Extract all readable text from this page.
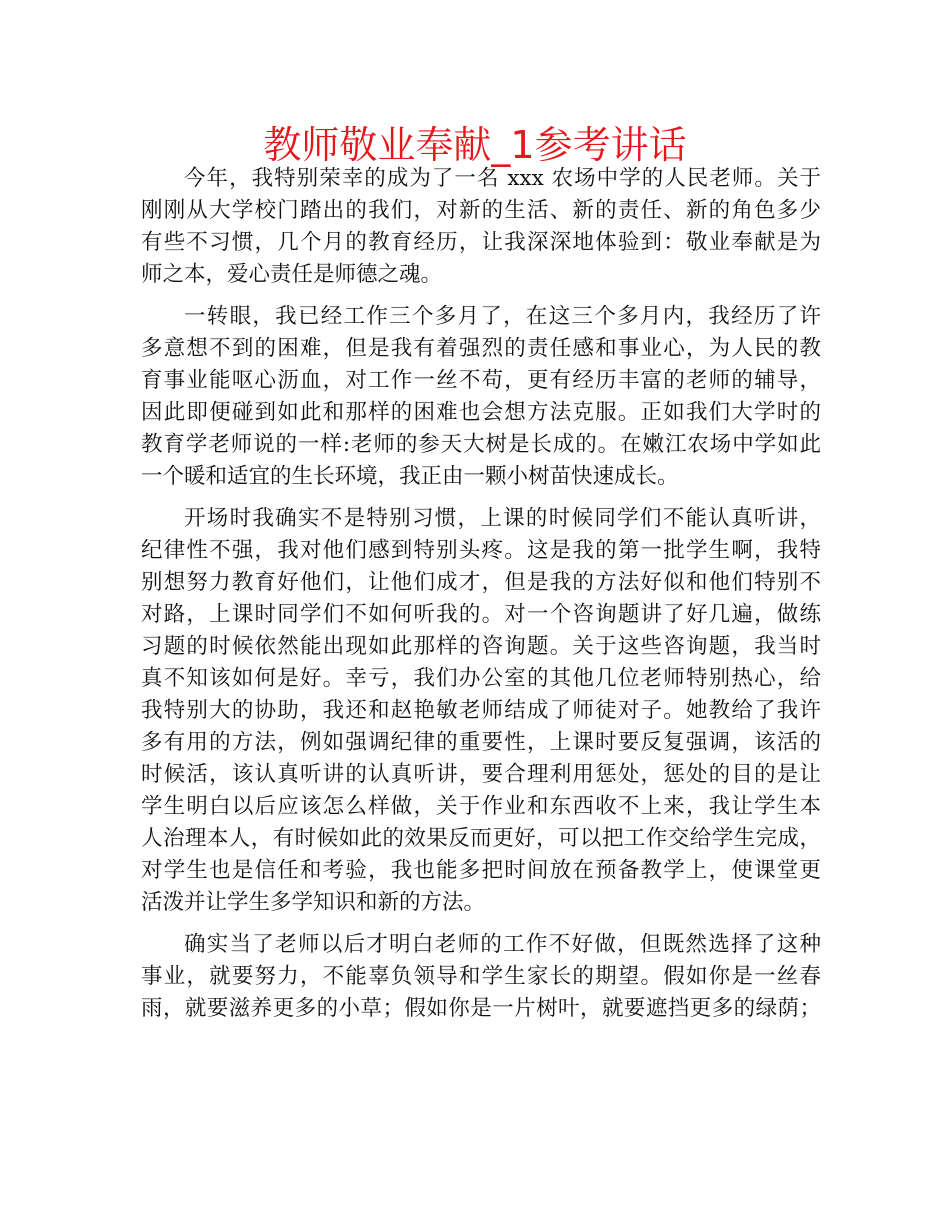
教师敬业奉献_1参考讲话
今年，我特别荣幸的成为了一名 xxx 农场中学的人民老师。关于
刚刚从大学校门踏出的我们，对新的生活、新的责任、新的角色多少
有些不习惯，几个月的教育经历，让我深深地体验到：敬业奉献是为
师之本，爱心责任是师德之魂。
一转眼，我已经工作三个多月了，在这三个多月内，我经历了许
多意想不到的困难，但是我有着强烈的责任感和事业心，为人民的教
育事业能呕心沥血，对工作一丝不苟，更有经历丰富的老师的辅导，
因此即便碰到如此和那样的困难也会想方法克服。正如我们大学时的
教育学老师说的一样:老师的参天大树是长成的。在嫩江农场中学如此
一个暖和适宜的生长环境，我正由一颗小树苗快速成长。
开场时我确实不是特别习惯，上课的时候同学们不能认真听讲，
纪律性不强，我对他们感到特别头疼。这是我的第一批学生啊，我特
别想努力教育好他们，让他们成才，但是我的方法好似和他们特别不
对路，上课时同学们不如何听我的。对一个咨询题讲了好几遍，做练
习题的时候依然能出现如此那样的咨询题。关于这些咨询题，我当时
真不知该如何是好。幸亏，我们办公室的其他几位老师特别热心，给
我特别大的协助，我还和赵艳敏老师结成了师徒对子。她教给了我许
多有用的方法，例如强调纪律的重要性，上课时要反复强调，该活的
时候活，该认真听讲的认真听讲，要合理利用惩处，惩处的目的是让
学生明白以后应该怎么样做，关于作业和东西收不上来，我让学生本
人治理本人，有时候如此的效果反而更好，可以把工作交给学生完成，
对学生也是信任和考验，我也能多把时间放在预备教学上，使课堂更
活泼并让学生多学知识和新的方法。
确实当了老师以后才明白老师的工作不好做，但既然选择了这种
事业，就要努力，不能辜负领导和学生家长的期望。假如你是一丝春
雨，就要滋养更多的小草；假如你是一片树叶，就要遮挡更多的绿荫；
